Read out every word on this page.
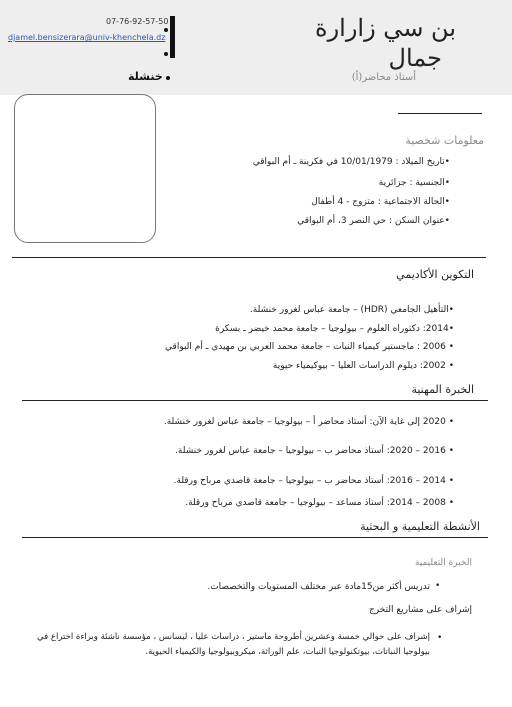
07-76-92-57-50
djamel.bensizerara@univ-khenchela.dz
خنشلة
بن سي زارارة
جمال
أستاذ محاضر(أ)
معلومات شخصية
•تاريخ الميلاد : 10/01/1979 في فكرينة ـ أم البواقي
•الجنسية : جزائرية
•الحالة الاجتماعية : متزوج - 4 أطفال
•عنوان السكن : حي النصر 3، أم البواقي
التكوين الأكاديمي
•التأهيل الجامعي (HDR) – جامعة عباس لغرور خنشلة.
•2014: دكتوراه العلوم – بيولوجيا – جامعة محمد خيضر ـ بسكرة
• 2006 : ماجستير كيمياء النبات – جامعة محمد العربي بن مهيدي ـ أم البواقي
• 2002: ديلوم الدراسات العليا – بيوكيمياء حيوية
الخبرة المهنية
• 2020 إلى غاية الآن: أستاذ محاضر أ – بيولوجيا – جامعة عباس لغرور خنشلة.
• 2016 – 2020: أستاذ محاضر ب – بيولوجيا – جامعة عباس لغرور خنشلة.
• 2014 – 2016: أستاذ محاضر ب – بيولوجيا – جامعة قاصدي مرباح ورقلة.
• 2008 – 2014: أستاذ مساعد – بيولوجيا – جامعة قاصدي مرباح ورقلة.
الأنشطة التعليمية و البحثية
الخبرة التعليمية
•
تدريس أكثر من15مادة عبر مختلف المستويات والتخصصات.
إشراف على مشاريع التخرج
•
إشراف على حوالي خمسة وعشرين أطروحة ماستير ، دراسات عليا ، ليسانس ، مؤسسة ناشئة وبراءة اختراع في بيولوجيا النباتات، بيوتكنولوجيا النبات، علم الوراثة، ميكروبيولوجيا والكيمياء الحيوية.
